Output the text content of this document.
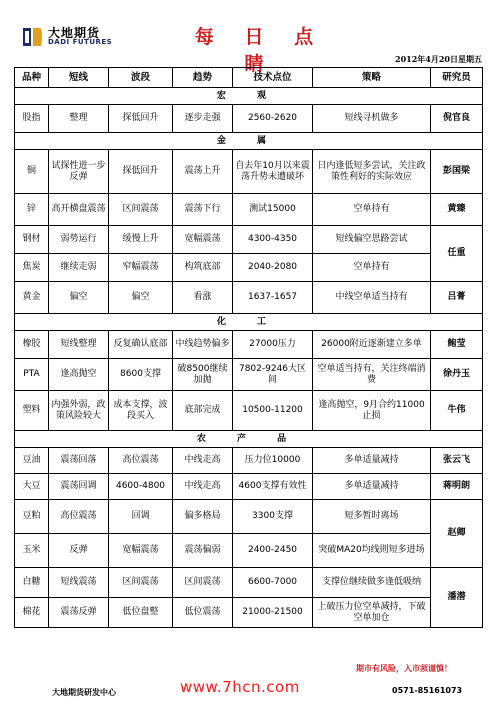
大地期货
DADI FUTURES	每 日 点 睛	2012年4月20日星期五
品种	短线	波段	趋势	技术点位	策略	研究员
宏 观						
股指	整理	探低回升	逐步走强	2560-2620	短线寻机做多	倪官良
金 属						
铜	试探性进一步反弹	探低回升	震荡上升	自去年10月以来震荡升势未遭破坏	日内逢低短多尝试，关注政策性利好的实际效应	彭国梁
锌	高开横盘震荡	区间震荡	震荡下行	测试15000	空单持有	黄臻
钢材	弱势运行	缓慢上升	宽幅震荡	4300-4350	短线偏空思路尝试	任重
焦炭	继续走弱	窄幅震荡	构筑底部	2040-2080	空单持有	
黄金	偏空	偏空	看涨	1637-1657	中线空单适当持有	吕菁
化 工						
橡胶	短线整理	反复确认底部	中线趋势偏多	27000压力	26000附近逐渐建立多单	鲍莹
PTA	逢高抛空	8600支撑	破8500继续加抛	7802-9246大区间	空单适当持有，关注终端消费	徐丹玉
塑料	内强外弱，政策风险较大	成本支撑，波段买入	底部完成	10500-11200	逢高抛空，9月合约11000止损	牛伟
农 产 品						
豆油	震荡回落	高位震荡	中线走高	压力位10000	多单适量减持	张云飞
大豆	震荡回调	4600-4800	中线走高	4600支撑有效性	多单适量减持	蒋明朗
豆粕	高位震荡	回调	偏多格局	3300支撑	短多暂时离场	赵卿
玉米	反弹	宽幅震荡	震荡偏弱	2400-2450	突破MA20均线則短多进场	
白糖	短线震荡	区间震荡	区间震荡	6600-7000	支撑位继续做多逢低吸纳	潘潜
棉花	震荡反弹	低位盘整	低位震荡	21000-21500	上破压力位空单减持，下破空单加仓	
期市有风险，入市须谨慎！
www.7hcn.com
大地期货研发中心	0571-85161073
